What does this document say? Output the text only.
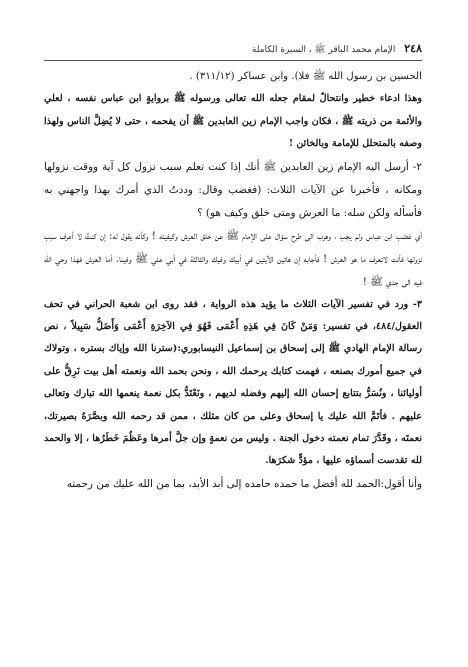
٢٤٨ الإمام محمد الباقر ﷺ ، السيرة الكاملة

الحسين بن رسول الله ﷺ فلا). وابن عساكر (٣١١/١٢) .

وهذا ادعاء خطير وانتحالٌ لمقام جعله الله تعالى ورسوله ﷺ بروايةٍ ابن عباس نفسه ، لعلي والأئمة من ذريته ﷺ ، فكان واجب الإمام زين العابدين ﷺ أن يفحمه ، حتى لا يُضِلَّ الناس ولهذا وصفه بالمتحلل للإمامة وبالخائن !

٢- أرسل اليه الإمام زين العابدين ﷺ أنك إذا كنت تعلم سبب نزول كل آية ووقت نزولها ومكانه ، فأخبرنا عن الآيات الثلاث: (فغضب وقال: وددتُ الذي أمرك بهذا واجهني به فأسأله ولكن سله: ما العرش ومتى خلق وكيف هو) ؟

أي غضب ابن عباس ولم يجب ، وهرب الى طرح سؤال على الإمام ﷺ عن خلق العرش وكيفيته ! وكأنه يقول له: إن كنتُ لا أعرف سبب نزولها فأنت لاتعرف ما هو العرش ! فأجابه إن هاتين الآيتين في أبيك وفيك والثالثة في أبي علي ﷺ وفينا. أما العرش فهذا وحي الله فيه الى جدي ﷺ !

٣- ورد في تفسير الآيات الثلاث ما يؤيد هذه الرواية ، فقد روى ابن شعبة الحراني في تحف العقول/٤٨٤، في تفسير: وَمَنْ كَانَ فِي هَذِهِ أَعْمَى فَهُوَ فِي الآخِرَةِ أَعْمَى وَأَضَلُّ سَبِيلاً ، نص رسالة الإمام الهادي ﷺ إلى إسحاق بن إسماعيل النيسابوري:(سترنا الله وإياك بستره ، وتولاك في جميع أمورك بصنعه ، فهمت كتابك يرحمك الله ، ونحن بحمد الله ونعمته أهل بيت نَرِقُّ على أوليائنا ، ونُسَرُّ بتتابع إحسان الله إليهم وفضله لديهم ، ونَعْتَدُّ بكل نعمة ينعمها الله تبارك وتعالى عليهم . فأتَمَّ الله عليك يا إسحاق وعلى من كان مثلك ، ممن قد رحمه الله وبصَّرَهُ بصيرتك، نعمتَه ، وقَدَّرَ تمام نعمته دخول الجنة . وليس من نعمةٍ وإن جلَّ أمرها وعَظُمَ خَطَرُها ، إلا والحمد لله تقدست أسماؤه عليها ، مؤدٍّ شكرَها.

وأنا أقول:الحمد لله أفضل ما حمده حامده إلى أبد الأبد، بما من الله عليك من رحمته
